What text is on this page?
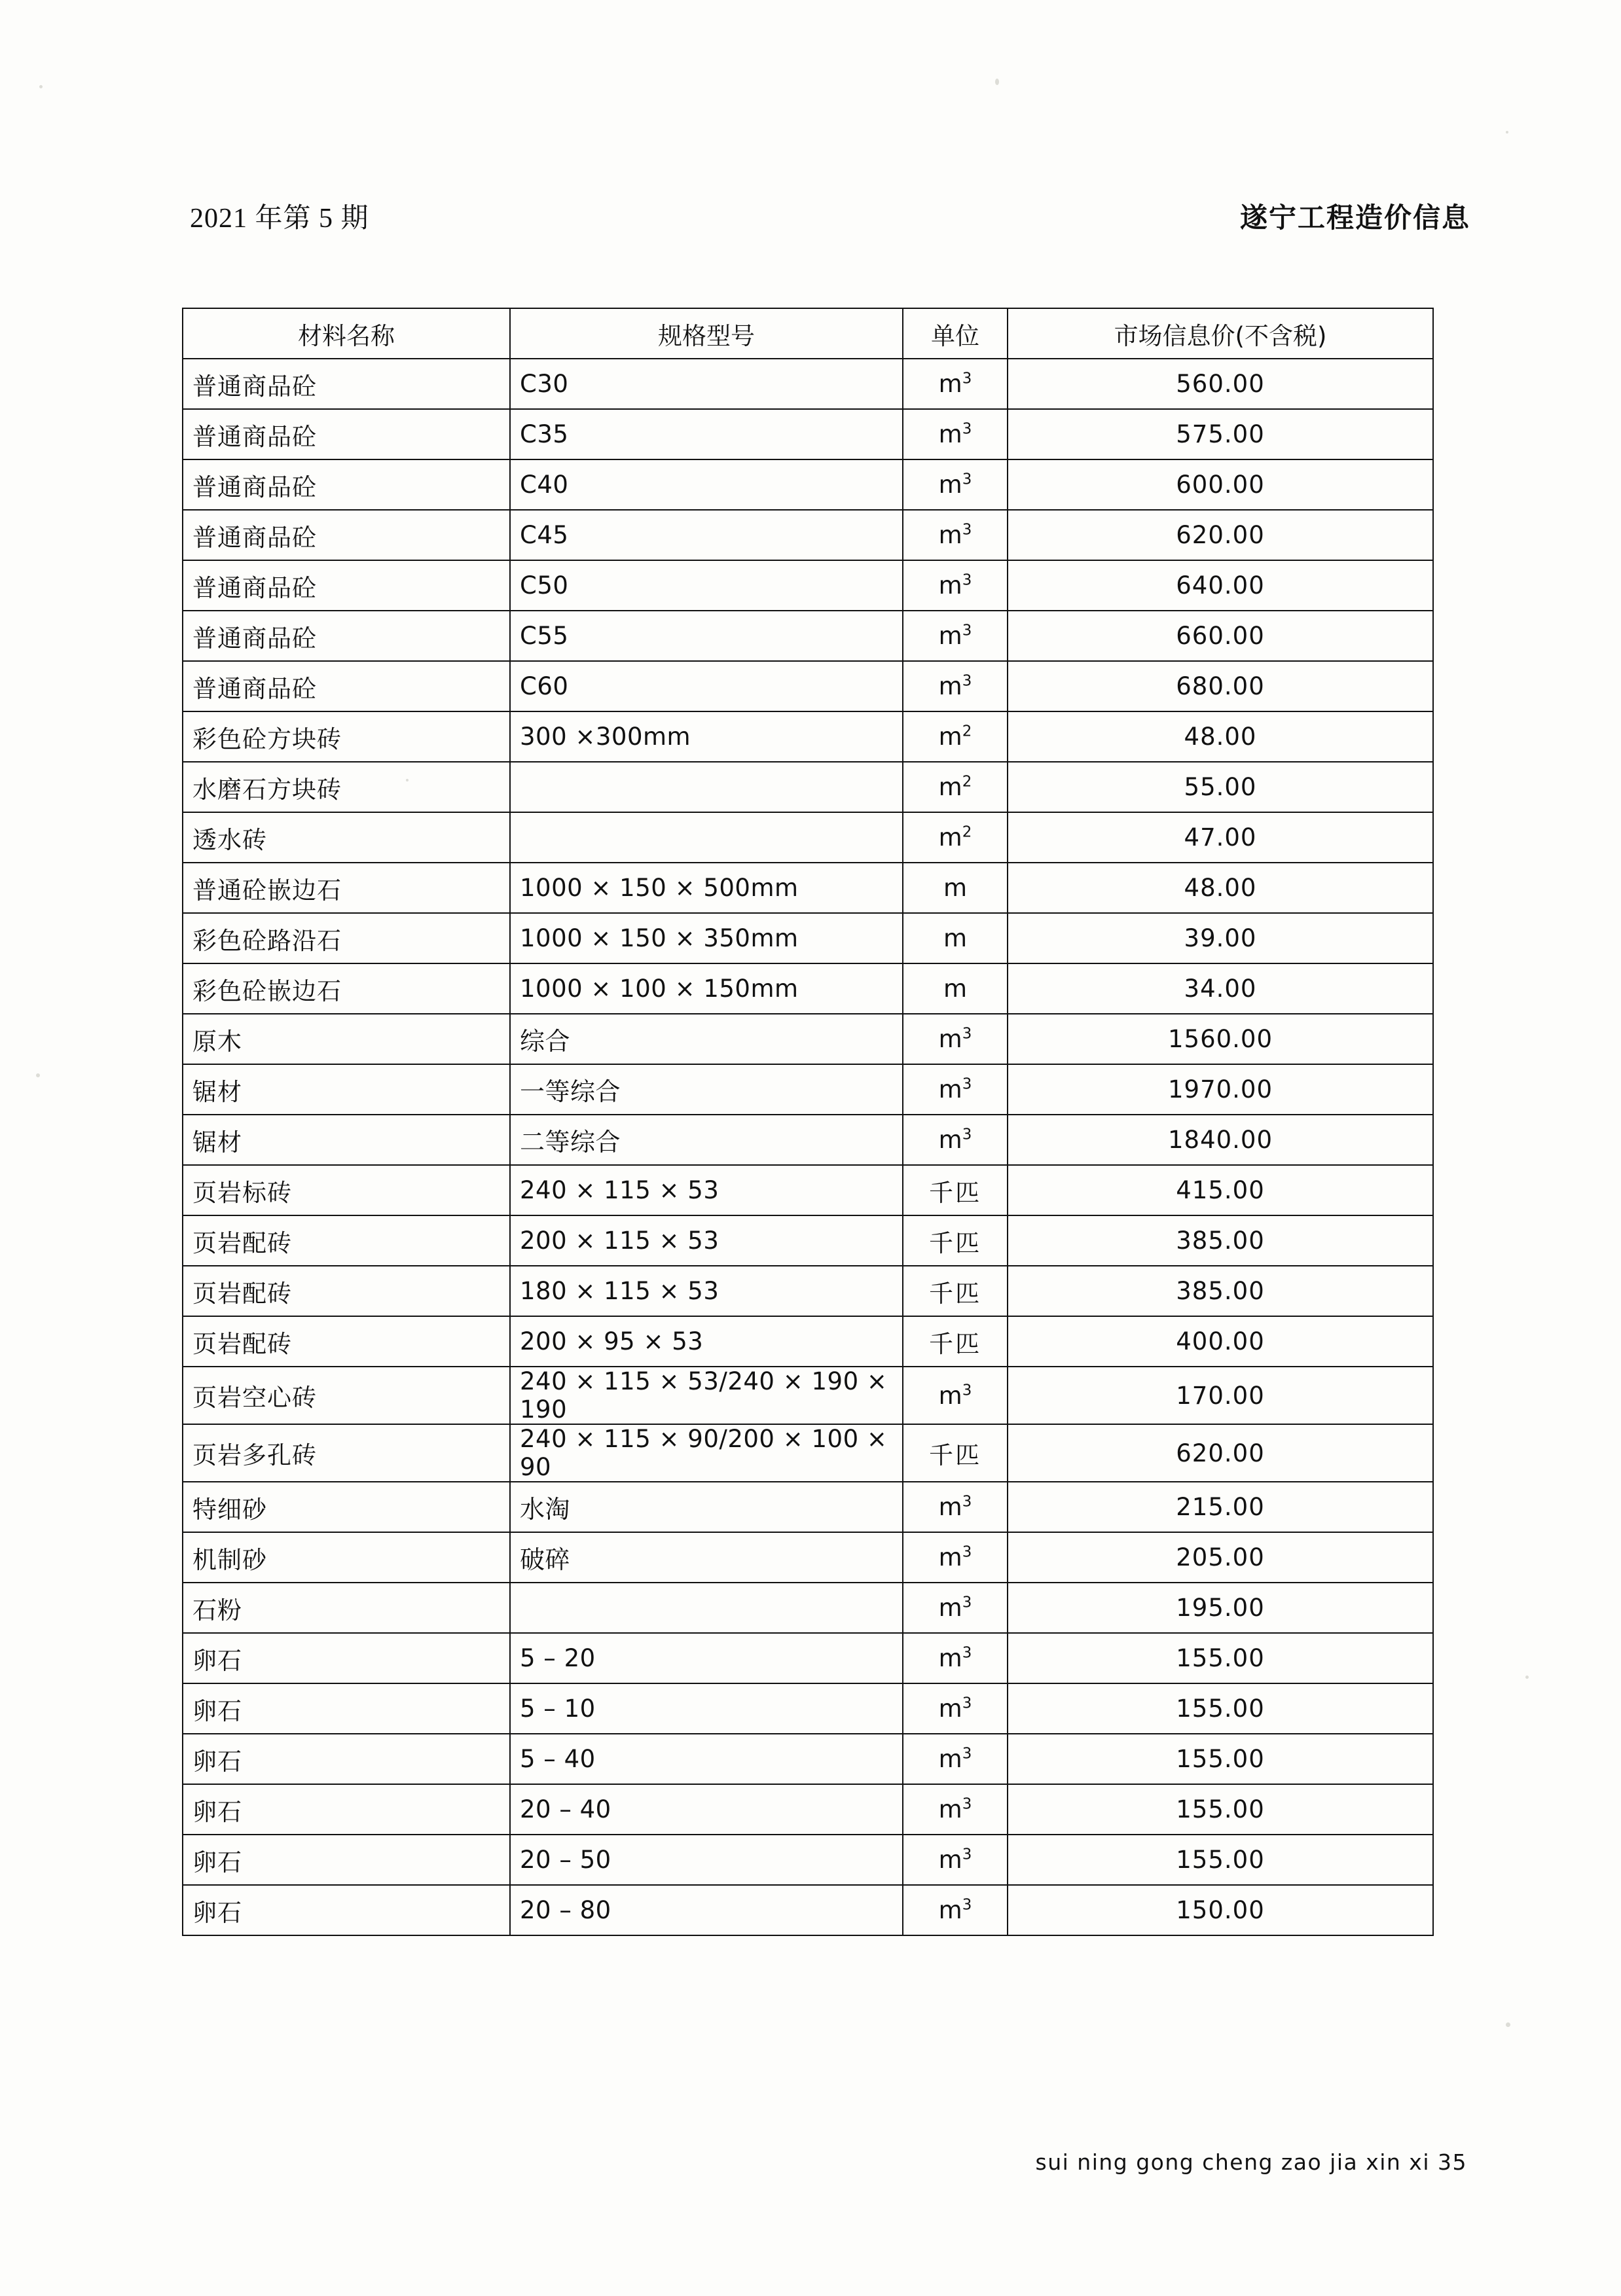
2021 年第 5 期	遂宁工程造价信息
材料名称	规格型号	单位	市场信息价(不含税)
普通商品砼	C30	$m^3$	560.00
普通商品砼	C35	$m^3$	575.00
普通商品砼	C40	$m^3$	600.00
普通商品砼	C45	$m^3$	620.00
普通商品砼	C50	$m^3$	640.00
普通商品砼	C55	$m^3$	660.00
普通商品砼	C60	$m^3$	680.00
彩色砼方块砖	300 ×300mm	$m^2$	48.00
水磨石方块砖		$m^2$	55.00
透水砖		$m^2$	47.00
普通砼嵌边石	1000 × 150 × 500mm	m	48.00
彩色砼路沿石	1000 × 150 × 350mm	m	39.00
彩色砼嵌边石	1000 × 100 × 150mm	m	34.00
原木	综合	$m^3$	1560.00
锯材	一等综合	$m^3$	1970.00
锯材	二等综合	$m^3$	1840.00
页岩标砖	240 × 115 × 53	千匹	415.00
页岩配砖	200 × 115 × 53	千匹	385.00
页岩配砖	180 × 115 × 53	千匹	385.00
页岩配砖	200 × 95 × 53	千匹	400.00
页岩空心砖	240 × 115 × 53/240 × 190 × 190	$m^3$	170.00
页岩多孔砖	240 × 115 × 90/200 × 100 × 90	千匹	620.00
特细砂	水淘	$m^3$	215.00
机制砂	破碎	$m^3$	205.00
石粉		$m^3$	195.00
卵石	5 – 20	$m^3$	155.00
卵石	5 – 10	$m^3$	155.00
卵石	5 – 40	$m^3$	155.00
卵石	20 – 40	$m^3$	155.00
卵石	20 – 50	$m^3$	155.00
卵石	20 – 80	$m^3$	150.00
sui ning gong cheng zao jia xin xi 35
